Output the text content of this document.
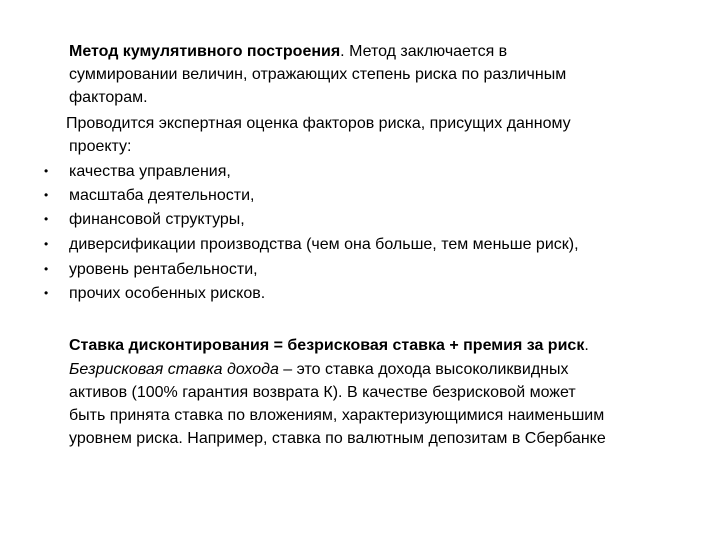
Метод кумулятивного построения. Метод заключается в
суммировании величин, отражающих степень риска по различным
факторам.
Проводится экспертная оценка факторов риска, присущих данному
проекту:
• качества управления,
• масштаба деятельности,
• финансовой структуры,
• диверсификации производства (чем она больше, тем меньше риск),
• уровень рентабельности,
• прочих особенных рисков.
Ставка дисконтирования = безрисковая ставка + премия за риск.
Безрисковая ставка дохода – это ставка дохода высоколиквидных
активов (100% гарантия возврата К). В качестве безрисковой может
быть принята ставка по вложениям, характеризующимися наименьшим
уровнем риска. Например, ставка по валютным депозитам в Сбербанке
